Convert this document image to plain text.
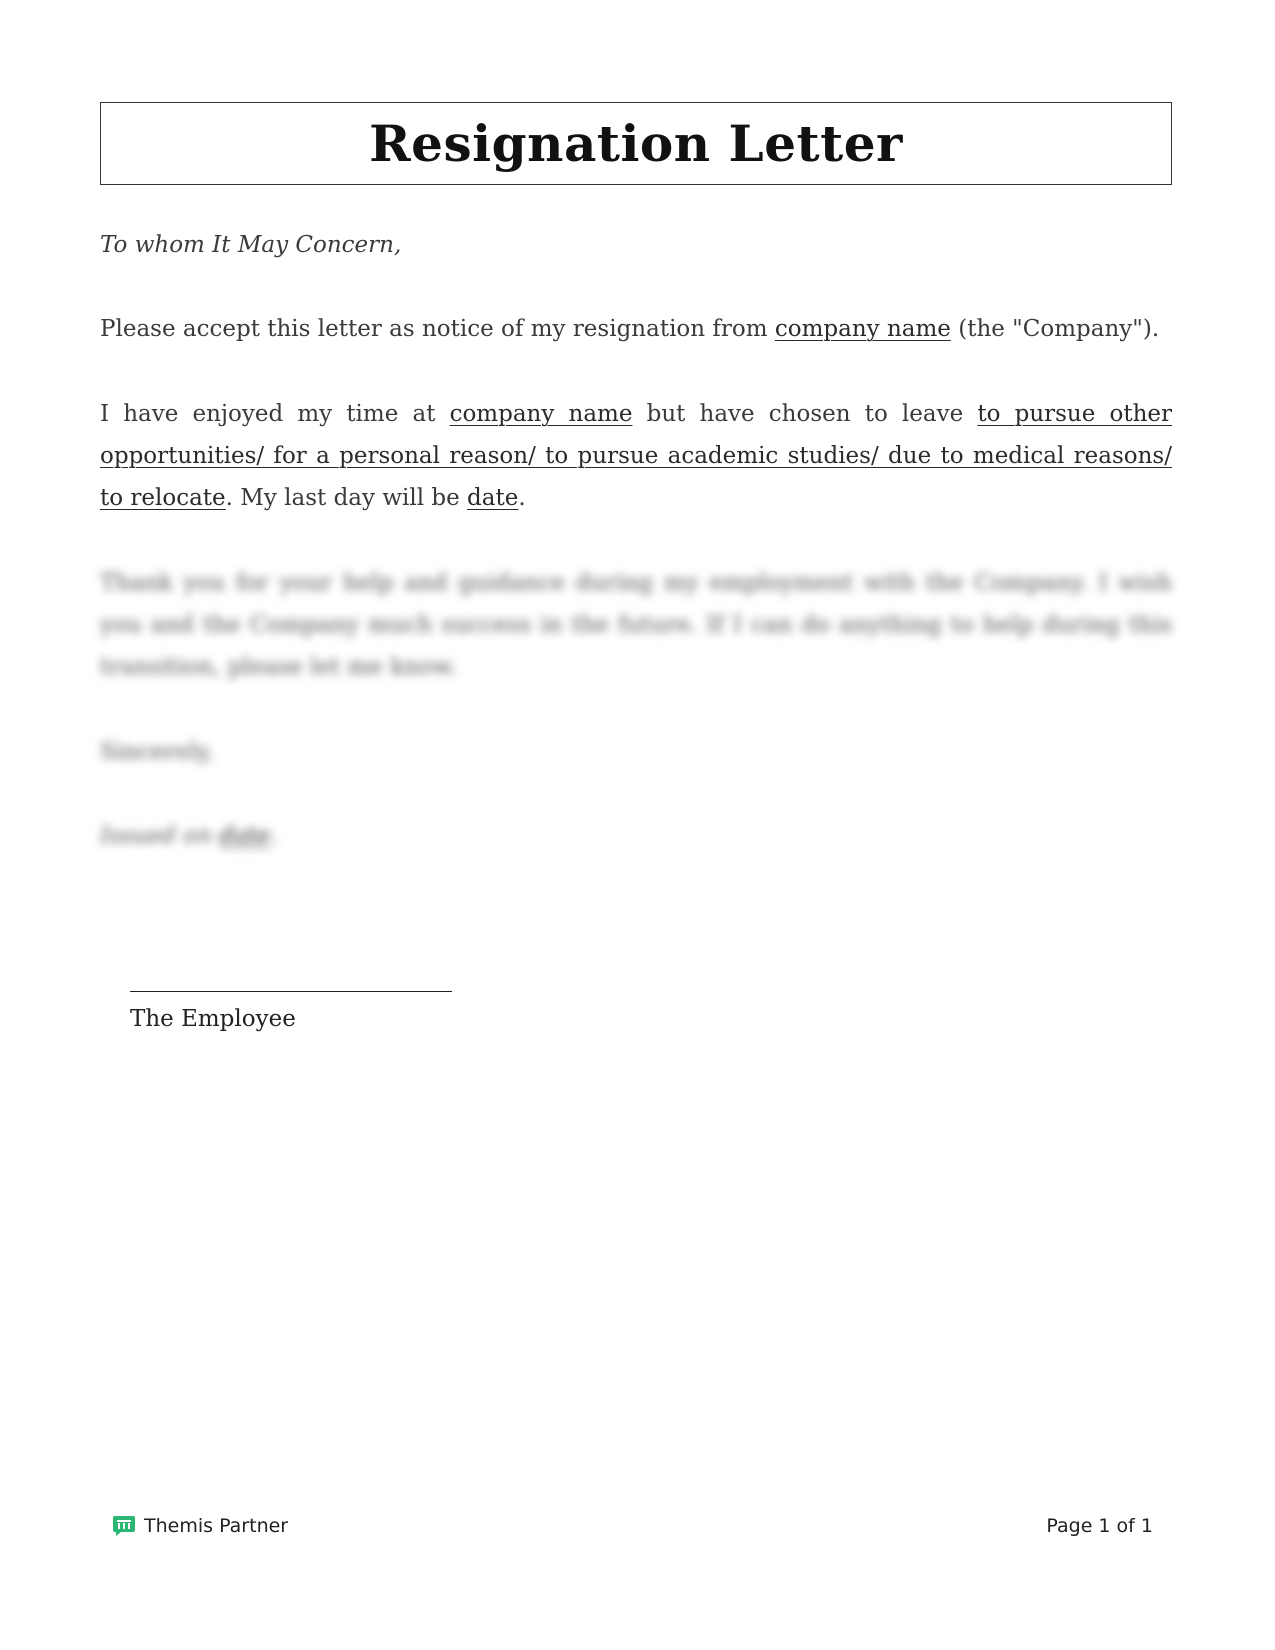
Resignation Letter
To whom It May Concern,
Please accept this letter as notice of my resignation from company name (the "Company").
I have enjoyed my time at company name but have chosen to leave to pursue other opportunities/ for a personal reason/ to pursue academic studies/ due to medical reasons/ to relocate. My last day will be date.
Thank you for your help and guidance during my employment with the Company. I wish you and the Company much success in the future. If I can do anything to help during this transition, please let me know.
Sincerely,
Issued on date.
The Employee
Themis Partner	Page 1 of 1
